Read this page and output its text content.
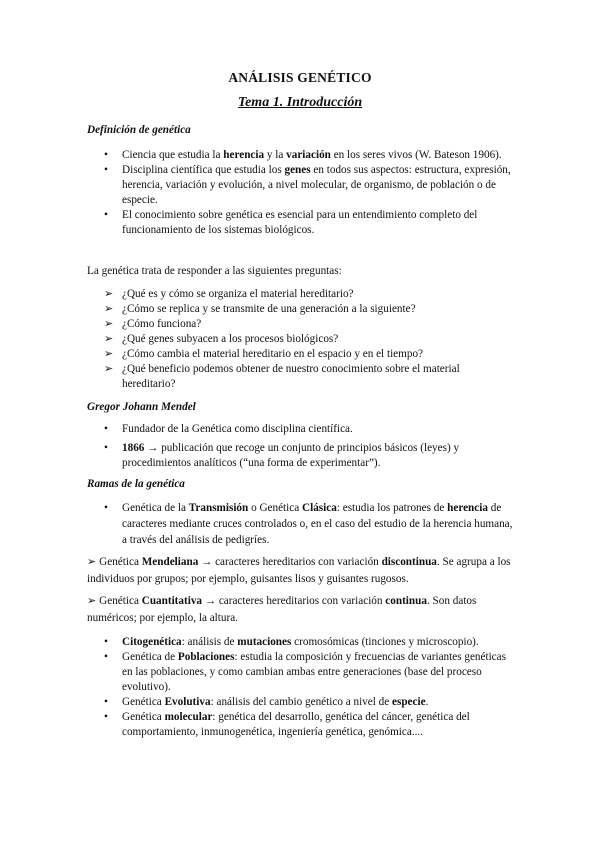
ANÁLISIS GENÉTICO
Tema 1. Introducción
Definición de genética
• Ciencia que estudia la herencia y la variación en los seres vivos (W. Bateson 1906).
• Disciplina científica que estudia los genes en todos sus aspectos: estructura, expresión, herencia, variación y evolución, a nivel molecular, de organismo, de población o de especie.
• El conocimiento sobre genética es esencial para un entendimiento completo del funcionamiento de los sistemas biológicos.
La genética trata de responder a las siguientes preguntas:
➢ ¿Qué es y cómo se organiza el material hereditario?
➢ ¿Cómo se replica y se transmite de una generación a la siguiente?
➢ ¿Cómo funciona?
➢ ¿Qué genes subyacen a los procesos biológicos?
➢ ¿Cómo cambia el material hereditario en el espacio y en el tiempo?
➢ ¿Qué beneficio podemos obtener de nuestro conocimiento sobre el material hereditario?
Gregor Johann Mendel
• Fundador de la Genética como disciplina científica.
• 1866 → publicación que recoge un conjunto de principios básicos (leyes) y procedimientos analíticos (“una forma de experimentar”).
Ramas de la genética
• Genética de la Transmisión o Genética Clásica: estudia los patrones de herencia de caracteres mediante cruces controlados o, en el caso del estudio de la herencia humana, a través del análisis de pedigríes.
➢ Genética Mendeliana → caracteres hereditarios con variación discontinua. Se agrupa a los individuos por grupos; por ejemplo, guisantes lisos y guisantes rugosos.
➢ Genética Cuantitativa → caracteres hereditarios con variación continua. Son datos numéricos; por ejemplo, la altura.
• Citogenética: análisis de mutaciones cromosómicas (tinciones y microscopio).
• Genética de Poblaciones: estudia la composición y frecuencias de variantes genéticas en las poblaciones, y como cambian ambas entre generaciones (base del proceso evolutivo).
• Genética Evolutiva: análisis del cambio genético a nivel de especie.
• Genética molecular: genética del desarrollo, genética del cáncer, genética del comportamiento, inmunogenética, ingeniería genética, genómica....
